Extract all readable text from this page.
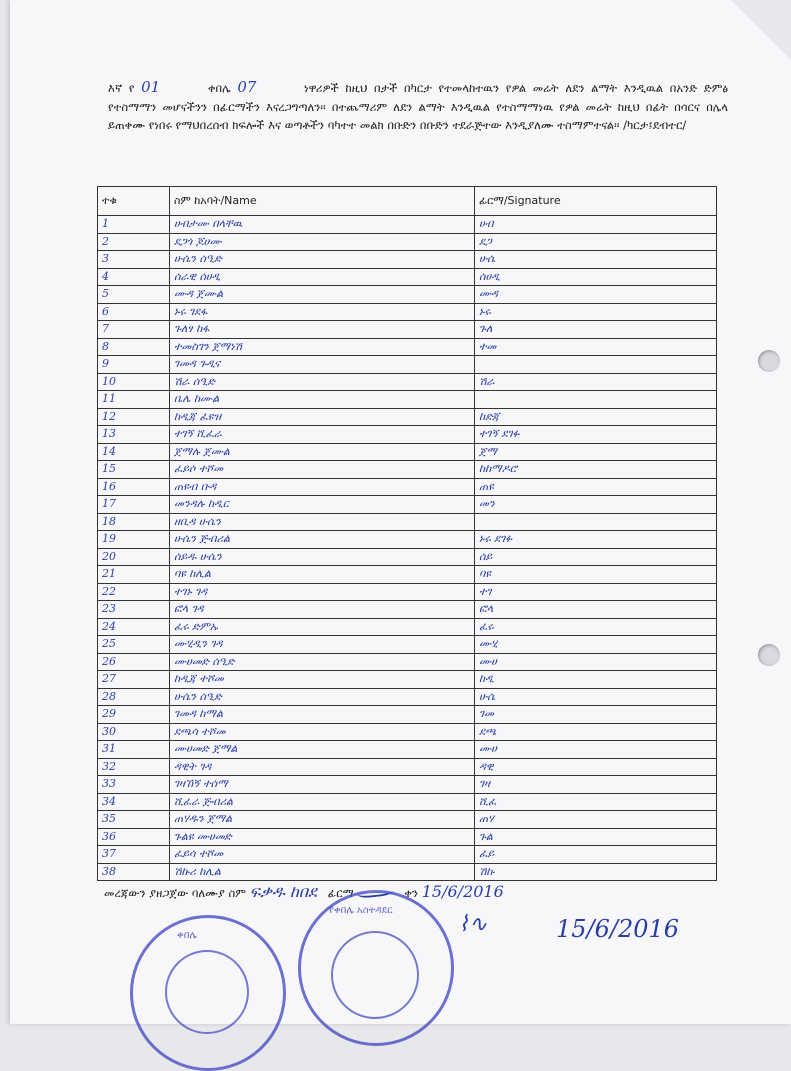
እኛ የ 01	ቀበሌ 07	ነዋሪዎች ከዚህ በታች በካርታ የተመላከተዉን የዎል መሬት ለደን ልማት እንዲዉል በአንድ ድምፅ የተስማማን መሆናችንን በፊርማችን እናረጋግጣለን፡፡ በተጨማሪም ለደን ልማት እንዲዉል የተስማማነዉ የዎል መሬት ከዚህ በፊት በሳርና በሌላ ይጠቀሙ የነበሩ የማህበረሰብ ክፍሎች እና ወጣቶችን ባካተተ መልክ በቡድን በቡድን ተደራጅተው እንዲያለሙ ተስማምተናል፡፡ /ካርታ፤ደብተር/
ተቁ	ስም ከአባት/Name	ፊርማ/Signature
1	ሀብታሙ በላቸዉ	ሀብ
2	ደጋጎ ጆሀሙ	ደጋ
3	ሁሴን ሰዒድ	ሁሴ
4	ሰራዊ ሰሀዲ	ሰሀዲ
5	ሙዳ ጀሙል	ሙዳ
6	ኑሩ ገደፋ	ኑሩ
7	ጉለፃ ከፋ	ጉለ
8	ተመስገን ጀማነሽ	ተመ
9	ገመዳ ጉዲና	
10	ሽራ ሰዒድ	ሽራ
11	ቤሌ ከሙል	
12	ከዲጃ ፈዩዝ	ከድጃ
13	ተገኝ ሺፈራ	ተገኝ ደገፉ
14	ጀማሉ ጀሙል	ጀማ
15	ፈይሶ ተሾመ	ከከማዶሮ
16	ጠዩብ ቡዳ	ጠዩ
17	መንዳሉ ከዲር	መን
18	ዘቢዳ ሁሴን	
19	ሁሴን ጅብሪል	ኑሩ ደገፉ
20	ሰይዱ ሁሴን	ሰይ
21	ባዩ ከሊል	ባዩ
22	ተገኑ ገዳ	ተገ
23	ፎላ ገዳ	ፎላ
24	ፈሩ ድምኡ	ፈሩ
25	ሙሂዲን ገዳ	ሙሂ
26	ሙሀመድ ሰዒድ	ሙሀ
27	ከዲጃ ተሾመ	ከዲ
28	ሁሴን ሰዒድ	ሁሴ
29	ገመዳ ከማል	ገመ
30	ደጫሳ ተሾመ	ደጫ
31	ሙሀመድ ጀማል	ሙሀ
32	ዳዊት ገዳ	ዳዊ
33	ገዛኸኝ ተሰማ	ገዛ
34	ሺፈራ ጅብሪል	ሺፈ
35	ጠሃዱን ጀማል	ጠሃ
36	ጉልዩ ሙሀመድ	ጉል
37	ፈይሳ ተሾመ	ፈይ
38	ሽኩሪ ከሊል	ሽኩ
መረጃውን ያዘጋጀው ባለሙያ ስም ፍቃዱ ከበደ ፊርማ	ቀን 15/6/2016
⌇∿	15/6/2016
ቀበሌ
የቀበሌ አስተዳደር
